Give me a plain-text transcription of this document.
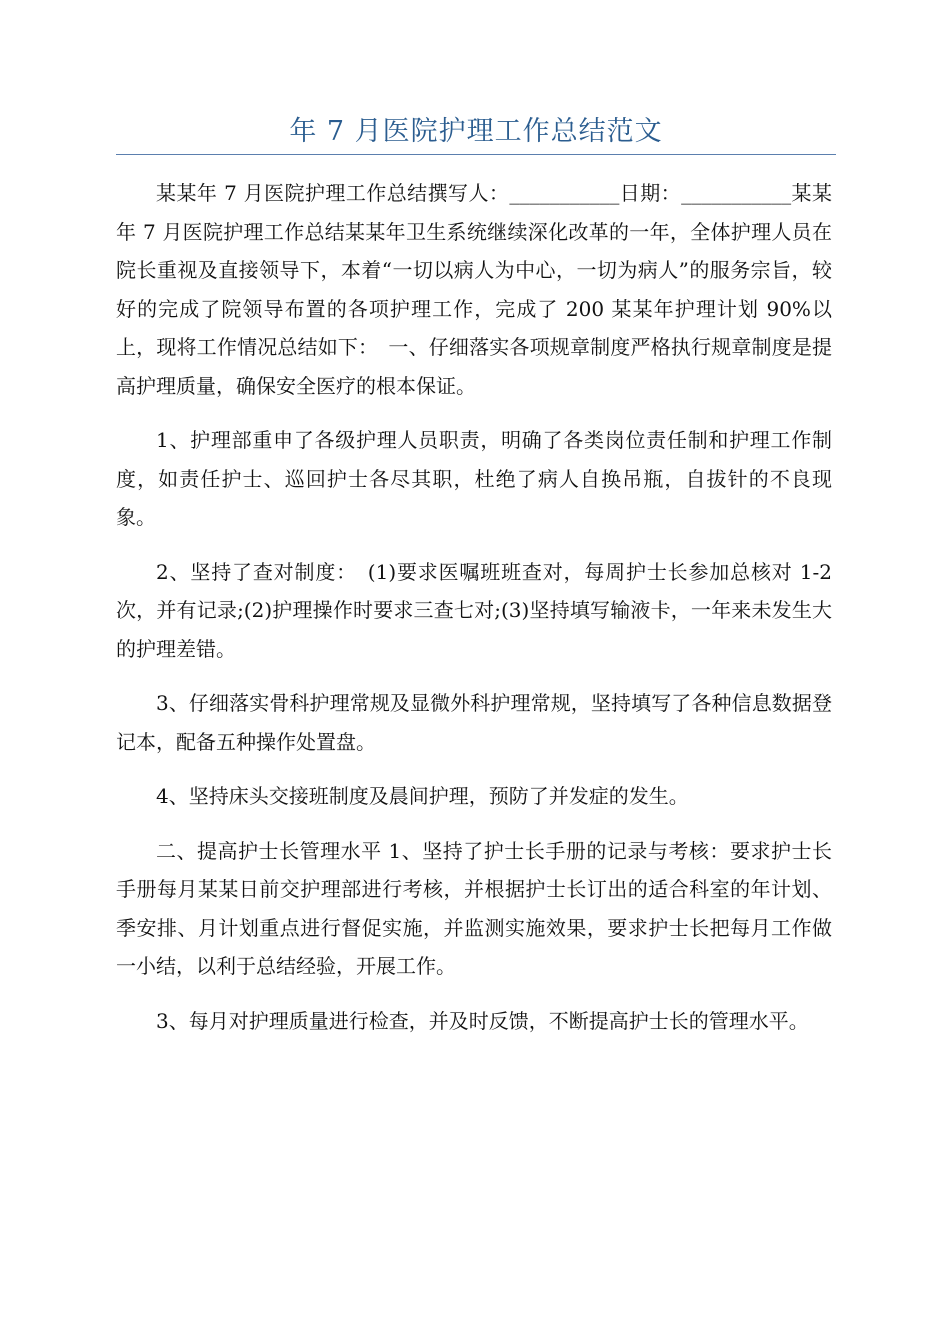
年 7 月医院护理工作总结范文

某某年 7 月医院护理工作总结撰写人：___________日期：___________某某年 7 月医院护理工作总结某某年卫生系统继续深化改革的一年，全体护理人员在院长重视及直接领导下，本着“一切以病人为中心，一切为病人”的服务宗旨，较好的完成了院领导布置的各项护理工作，完成了 200 某某年护理计划 90%以上，现将工作情况总结如下：　一、仔细落实各项规章制度严格执行规章制度是提高护理质量，确保安全医疗的根本保证。

1、护理部重申了各级护理人员职责，明确了各类岗位责任制和护理工作制度，如责任护士、巡回护士各尽其职，杜绝了病人自换吊瓶，自拔针的不良现象。

2、坚持了查对制度：　(1)要求医嘱班班查对，每周护士长参加总核对 1-2 次，并有记录;(2)护理操作时要求三查七对;(3)坚持填写输液卡，一年来未发生大的护理差错。

3、仔细落实骨科护理常规及显微外科护理常规，坚持填写了各种信息数据登记本，配备五种操作处置盘。

4、坚持床头交接班制度及晨间护理，预防了并发症的发生。

二、提高护士长管理水平 1、坚持了护士长手册的记录与考核：要求护士长手册每月某某日前交护理部进行考核，并根据护士长订出的适合科室的年计划、季安排、月计划重点进行督促实施，并监测实施效果，要求护士长把每月工作做一小结，以利于总结经验，开展工作。

3、每月对护理质量进行检查，并及时反馈，不断提高护士长的管理水平。
